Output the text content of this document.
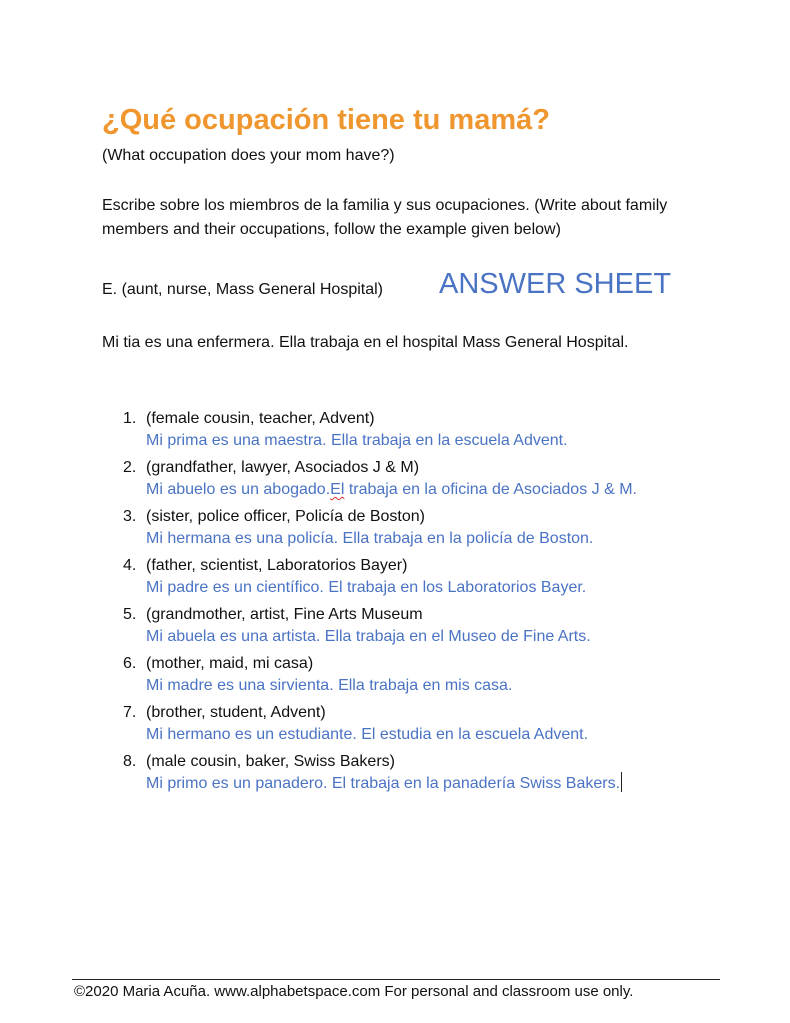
¿Qué ocupación tiene tu mamá?
(What occupation does your mom have?)
Escribe sobre los miembros de la familia y sus ocupaciones. (Write about family members and their occupations, follow the example given below)
E. (aunt, nurse, Mass General Hospital) ANSWER SHEET
Mi tia es una enfermera. Ella trabaja en el hospital Mass General Hospital.
1. (female cousin, teacher, Advent)
Mi prima es una maestra. Ella trabaja en la escuela Advent.
2. (grandfather, lawyer, Asociados J & M)
Mi abuelo es un abogado.El trabaja en la oficina de Asociados J & M.
3. (sister, police officer, Policía de Boston)
Mi hermana es una policía. Ella trabaja en la policía de Boston.
4. (father, scientist, Laboratorios Bayer)
Mi padre es un científico. El trabaja en los Laboratorios Bayer.
5. (grandmother, artist, Fine Arts Museum
Mi abuela es una artista. Ella trabaja en el Museo de Fine Arts.
6. (mother, maid, mi casa)
Mi madre es una sirvienta. Ella trabaja en mis casa.
7. (brother, student, Advent)
Mi hermano es un estudiante. El estudia en la escuela Advent.
8. (male cousin, baker, Swiss Bakers)
Mi primo es un panadero. El trabaja en la panadería Swiss Bakers.
©2020 Maria Acuña. www.alphabetspace.com For personal and classroom use only.
